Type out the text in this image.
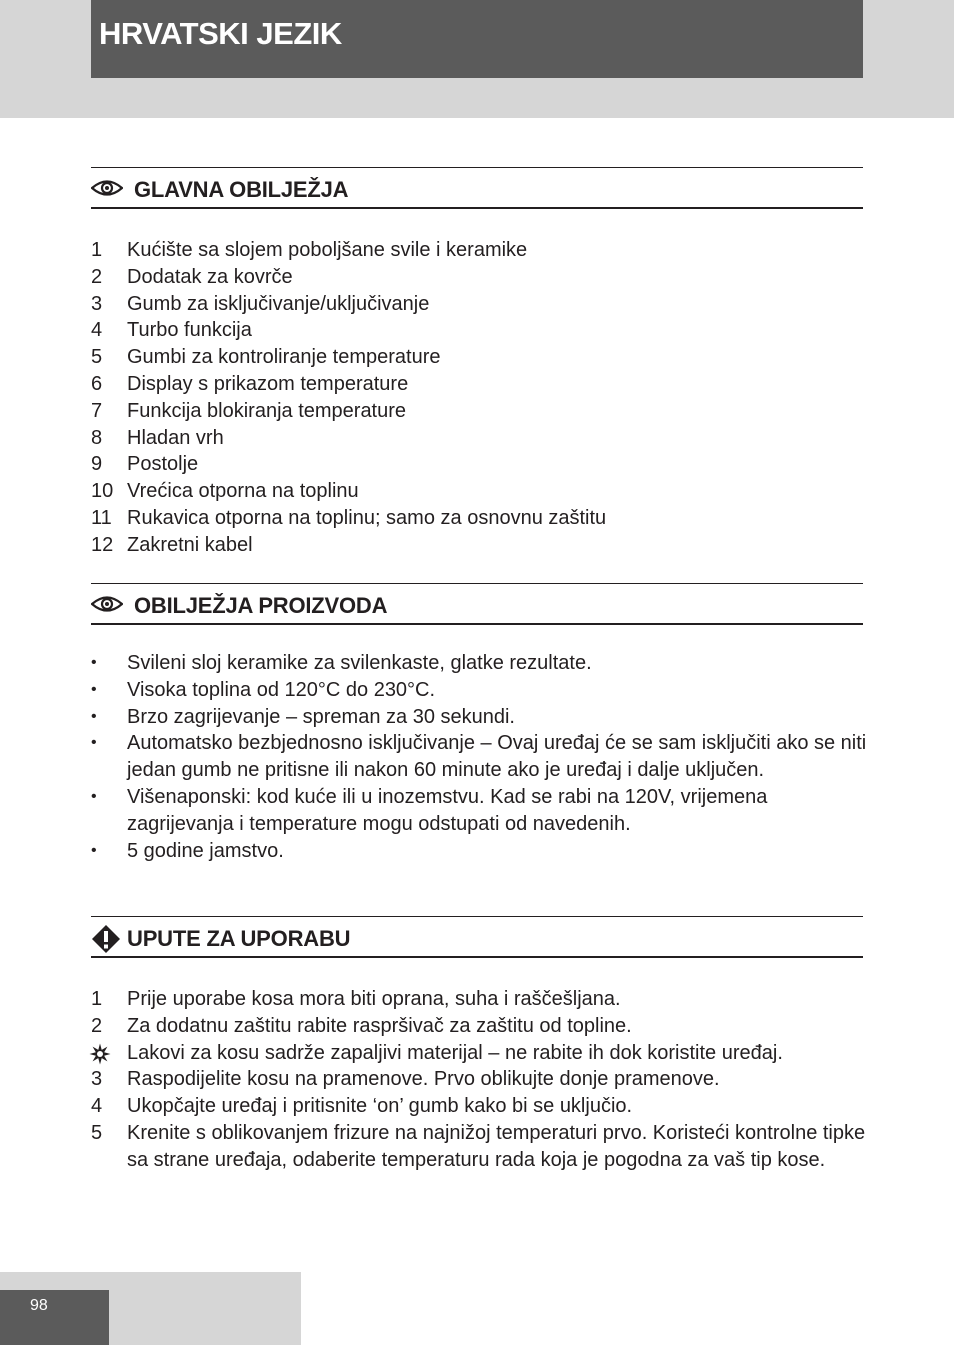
HRVATSKI JEZIK
GLAVNA OBILJEŽJA
1 Kućište sa slojem poboljšane svile i keramike
2 Dodatak za kovrče
3 Gumb za isključivanje/uključivanje
4 Turbo funkcija
5 Gumbi za kontroliranje temperature
6 Display s prikazom temperature
7 Funkcija blokiranja temperature
8 Hladan vrh
9 Postolje
10 Vrećica otporna na toplinu
11 Rukavica otporna na toplinu; samo za osnovnu zaštitu
12 Zakretni kabel
OBILJEŽJA PROIZVODA
• Svileni sloj keramike za svilenkaste, glatke rezultate.
• Visoka toplina od 120°C do 230°C.
• Brzo zagrijevanje – spreman za 30 sekundi.
• Automatsko bezbjednosno isključivanje – Ovaj uređaj će se sam isključiti ako se niti jedan gumb ne pritisne ili nakon 60 minute ako je uređaj i dalje uključen.
• Višenaponski: kod kuće ili u inozemstvu. Kad se rabi na 120V, vrijemena zagrijevanja i temperature mogu odstupati od navedenih.
• 5 godine jamstvo.
UPUTE ZA UPORABU
1 Prije uporabe kosa mora biti oprana, suha i raščešljana.
2 Za dodatnu zaštitu rabite raspršivač za zaštitu od topline.
Lakovi za kosu sadrže zapaljivi materijal – ne rabite ih dok koristite uređaj.
3 Raspodijelite kosu na pramenove. Prvo oblikujte donje pramenove.
4 Ukopčajte uređaj i pritisnite ‘on’ gumb kako bi se uključio.
5 Krenite s oblikovanjem frizure na najnižoj temperaturi prvo. Koristeći kontrolne tipke sa strane uređaja, odaberite temperaturu rada koja je pogodna za vaš tip kose.
98
